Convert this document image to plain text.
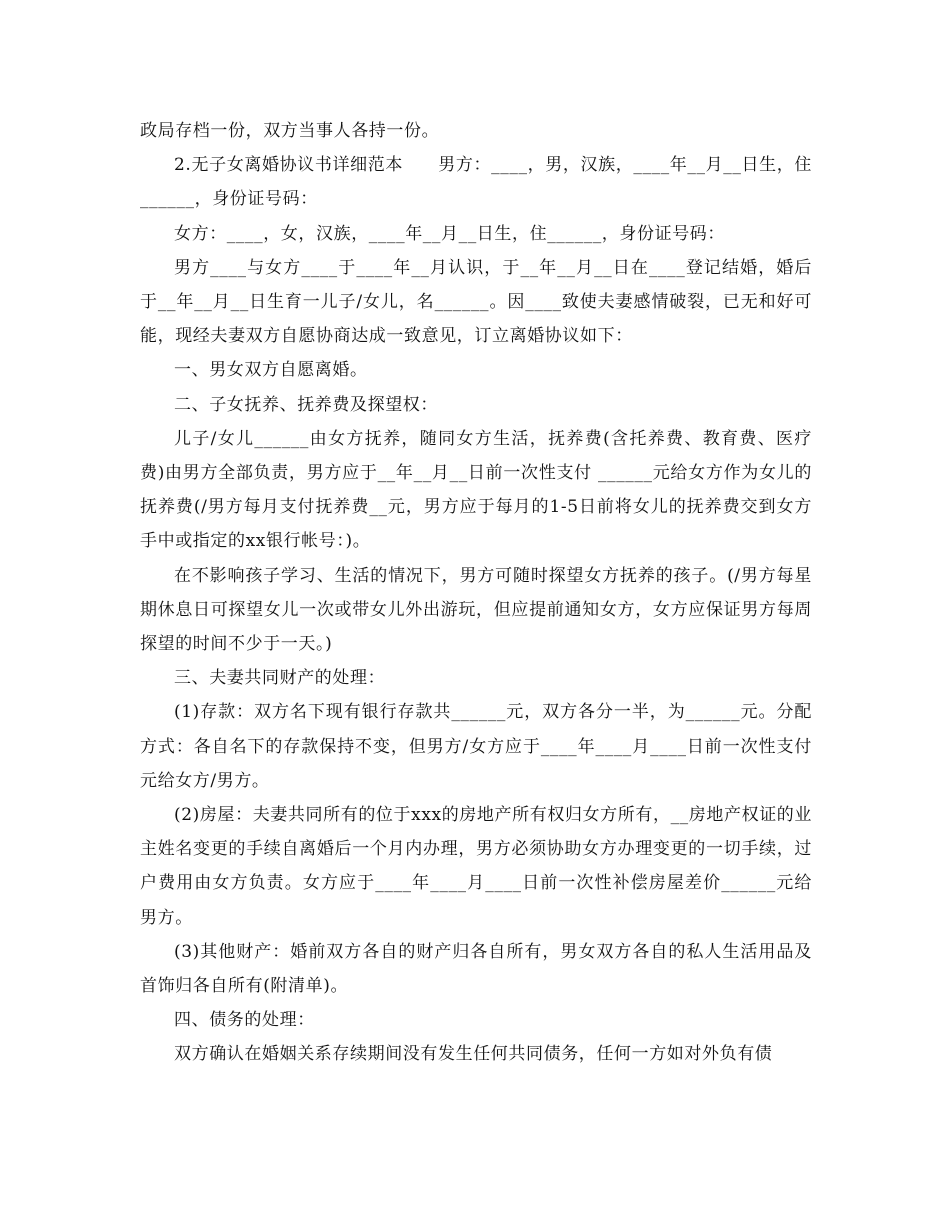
政局存档一份，双方当事人各持一份。

2.无子女离婚协议书详细范本　　男方：____，男，汉族，____年__月__日生，住______，身份证号码：

女方：____，女，汉族，____年__月__日生，住______，身份证号码：

男方____与女方____于____年__月认识，于__年__月__日在____登记结婚，婚后于__年__月__日生育一儿子/女儿，名______。因____致使夫妻感情破裂，已无和好可能，现经夫妻双方自愿协商达成一致意见，订立离婚协议如下：

一、男女双方自愿离婚。

二、子女抚养、抚养费及探望权：

儿子/女儿______由女方抚养，随同女方生活，抚养费(含托养费、教育费、医疗费)由男方全部负责，男方应于__年__月__日前一次性支付 ______元给女方作为女儿的抚养费(/男方每月支付抚养费__元，男方应于每月的1-5日前将女儿的抚养费交到女方手中或指定的xx银行帐号：)。

在不影响孩子学习、生活的情况下，男方可随时探望女方抚养的孩子。(/男方每星期休息日可探望女儿一次或带女儿外出游玩，但应提前通知女方，女方应保证男方每周探望的时间不少于一天。)

三、夫妻共同财产的处理：

(1)存款：双方名下现有银行存款共______元，双方各分一半，为______元。分配方式：各自名下的存款保持不变，但男方/女方应于____年____月____日前一次性支付 元给女方/男方。

(2)房屋：夫妻共同所有的位于xxx的房地产所有权归女方所有，__房地产权证的业主姓名变更的手续自离婚后一个月内办理，男方必须协助女方办理变更的一切手续，过户费用由女方负责。女方应于____年____月____日前一次性补偿房屋差价______元给男方。

(3)其他财产：婚前双方各自的财产归各自所有，男女双方各自的私人生活用品及首饰归各自所有(附清单)。

四、债务的处理：

双方确认在婚姻关系存续期间没有发生任何共同债务，任何一方如对外负有债
